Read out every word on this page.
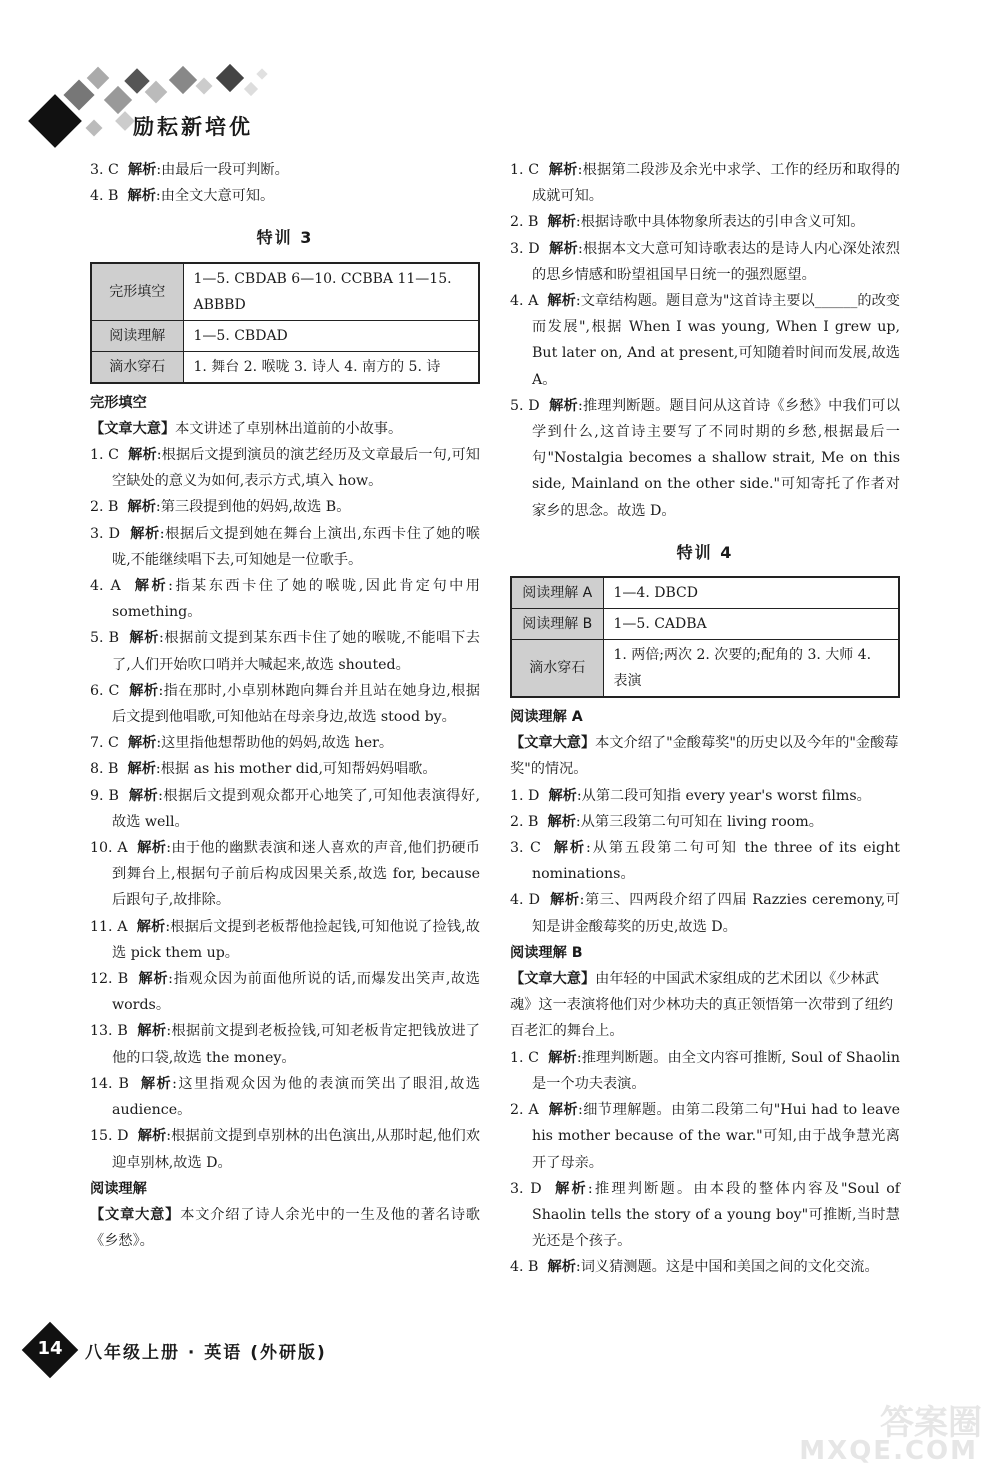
励耘新培优
3. C 解析:由最后一段可判断。
4. B 解析:由全文大意可知。
特训 3
完形填空	1—5. CBDAB 6—10. CCBBA 11—15. ABBBD
阅读理解	1—5. CBDAD
滴水穿石	1. 舞台 2. 喉咙 3. 诗人 4. 南方的 5. 诗
完形填空
【文章大意】本文讲述了卓别林出道前的小故事。
1. C 解析:根据后文提到演员的演艺经历及文章最后一句,可知空缺处的意义为如何,表示方式,填入 how。
2. B 解析:第三段提到他的妈妈,故选 B。
3. D 解析:根据后文提到她在舞台上演出,东西卡住了她的喉咙,不能继续唱下去,可知她是一位歌手。
4. A 解析:指某东西卡住了她的喉咙,因此肯定句中用 something。
5. B 解析:根据前文提到某东西卡住了她的喉咙,不能唱下去了,人们开始吹口哨并大喊起来,故选 shouted。
6. C 解析:指在那时,小卓别林跑向舞台并且站在她身边,根据后文提到他唱歌,可知他站在母亲身边,故选 stood by。
7. C 解析:这里指他想帮助他的妈妈,故选 her。
8. B 解析:根据 as his mother did,可知帮妈妈唱歌。
9. B 解析:根据后文提到观众都开心地笑了,可知他表演得好,故选 well。
10. A 解析:由于他的幽默表演和迷人喜欢的声音,他们扔硬币到舞台上,根据句子前后构成因果关系,故选 for, because 后跟句子,故排除。
11. A 解析:根据后文提到老板帮他捡起钱,可知他说了捡钱,故选 pick them up。
12. B 解析:指观众因为前面他所说的话,而爆发出笑声,故选 words。
13. B 解析:根据前文提到老板捡钱,可知老板肯定把钱放进了他的口袋,故选 the money。
14. B 解析:这里指观众因为他的表演而笑出了眼泪,故选 audience。
15. D 解析:根据前文提到卓别林的出色演出,从那时起,他们欢迎卓别林,故选 D。
阅读理解
【文章大意】本文介绍了诗人余光中的一生及他的著名诗歌《乡愁》。
1. C 解析:根据第二段涉及余光中求学、工作的经历和取得的成就可知。
2. B 解析:根据诗歌中具体物象所表达的引申含义可知。
3. D 解析:根据本文大意可知诗歌表达的是诗人内心深处浓烈的思乡情感和盼望祖国早日统一的强烈愿望。
4. A 解析:文章结构题。题目意为"这首诗主要以______的改变而发展",根据 When I was young, When I grew up, But later on, And at present,可知随着时间而发展,故选 A。
5. D 解析:推理判断题。题目问从这首诗《乡愁》中我们可以学到什么,这首诗主要写了不同时期的乡愁,根据最后一句"Nostalgia becomes a shallow strait, Me on this side, Mainland on the other side."可知寄托了作者对家乡的思念。故选 D。
特训 4
阅读理解 A	1—4. DBCD
阅读理解 B	1—5. CADBA
滴水穿石	1. 两倍;两次 2. 次要的;配角的 3. 大师 4. 表演
阅读理解 A
【文章大意】本文介绍了"金酸莓奖"的历史以及今年的"金酸莓奖"的情况。
1. D 解析:从第二段可知指 every year's worst films。
2. B 解析:从第三段第二句可知在 living room。
3. C 解析:从第五段第二句可知 the three of its eight nominations。
4. D 解析:第三、四两段介绍了四届 Razzies ceremony,可知是讲金酸莓奖的历史,故选 D。
阅读理解 B
【文章大意】由年轻的中国武术家组成的艺术团以《少林武魂》这一表演将他们对少林功夫的真正领悟第一次带到了纽约百老汇的舞台上。
1. C 解析:推理判断题。由全文内容可推断, Soul of Shaolin 是一个功夫表演。
2. A 解析:细节理解题。由第二段第二句"Hui had to leave his mother because of the war."可知,由于战争慧光离开了母亲。
3. D 解析:推理判断题。由本段的整体内容及"Soul of Shaolin tells the story of a young boy"可推断,当时慧光还是个孩子。
4. B 解析:词义猜测题。这是中国和美国之间的文化交流。
14	八年级上册 · 英语 (外研版)
答案圈
MXQE.COM
